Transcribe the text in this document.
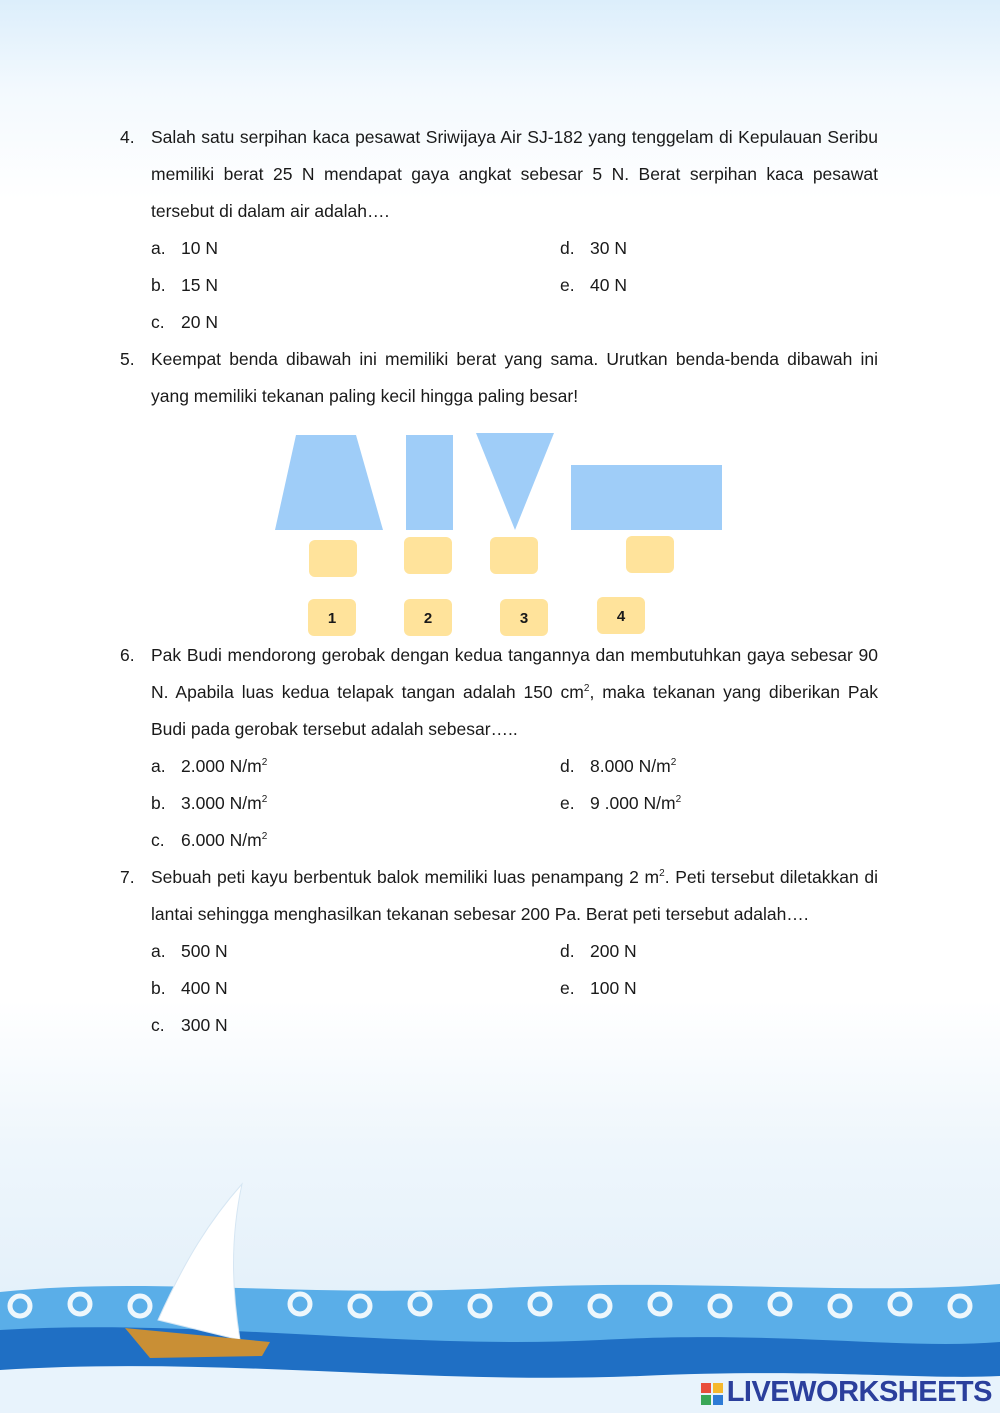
4. Salah satu serpihan kaca pesawat Sriwijaya Air SJ-182 yang tenggelam di Kepulauan Seribu memiliki berat 25 N mendapat gaya angkat sebesar 5 N. Berat serpihan kaca pesawat tersebut di dalam air adalah….
a. 10 N
b. 15 N
c. 20 N
d. 30 N
e. 40 N
5. Keempat benda dibawah ini memiliki berat yang sama. Urutkan benda-benda dibawah ini yang memiliki tekanan paling kecil hingga paling besar!
1	2	3	4
6. Pak Budi mendorong gerobak dengan kedua tangannya dan membutuhkan gaya sebesar 90 N. Apabila luas kedua telapak tangan adalah 150 $cm^2$, maka tekanan yang diberikan Pak Budi pada gerobak tersebut adalah sebesar…..
a. 2.000 $N/m^2$
b. 3.000 $N/m^2$
c. 6.000 $N/m^2$
d. 8.000 $N/m^2$
e. 9 .000 $N/m^2$
7. Sebuah peti kayu berbentuk balok memiliki luas penampang 2 $m^2$. Peti tersebut diletakkan di lantai sehingga menghasilkan tekanan sebesar 200 Pa. Berat peti tersebut adalah….
a. 500 N
b. 400 N
c. 300 N
d. 200 N
e. 100 N
LIVEWORKSHEETS
